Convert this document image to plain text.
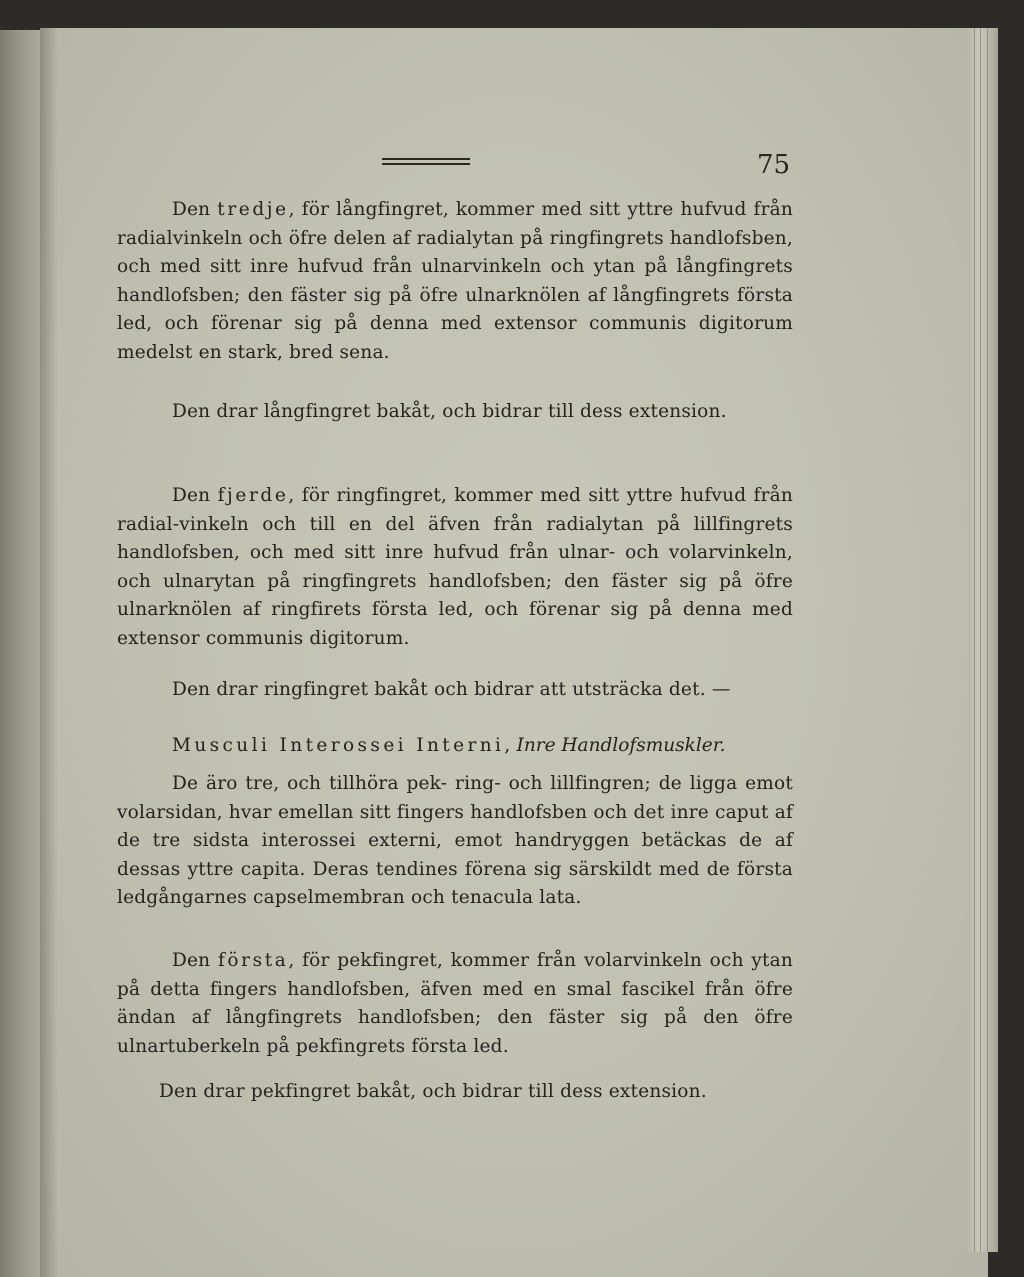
75

Den tredje, för långfingret, kommer med sitt yttre hufvud från radialvinkeln och öfre delen af radialytan på ringfingrets handlofsben, och med sitt inre hufvud från ulnarvinkeln och ytan på långfingrets handlofsben; den fäster sig på öfre ulnarknölen af långfingrets första led, och förenar sig på denna med extensor communis digitorum medelst en stark, bred sena.

Den drar långfingret bakåt, och bidrar till dess extension.

Den fjerde, för ringfingret, kommer med sitt yttre hufvud från radial-vinkeln och till en del äfven från radialytan på lillfingrets handlofsben, och med sitt inre hufvud från ulnar- och volarvinkeln, och ulnarytan på ringfingrets handlofsben; den fäster sig på öfre ulnarknölen af ringfirets första led, och förenar sig på denna med extensor communis digitorum.

Den drar ringfingret bakåt och bidrar att utsträcka det. —

Musculi Interossei Interni, Inre Handlofsmuskler.

De äro tre, och tillhöra pek- ring- och lillfingren; de ligga emot volarsidan, hvar emellan sitt fingers handlofsben och det inre caput af de tre sidsta interossei externi, emot handryggen betäckas de af dessas yttre capita. Deras tendines förena sig särskildt med de första ledgångarnes capselmembran och tenacula lata.

Den första, för pekfingret, kommer från volarvinkeln och ytan på detta fingers handlofsben, äfven med en smal fascikel från öfre ändan af långfingrets handlofsben; den fäster sig på den öfre ulnartuberkeln på pekfingrets första led.

Den drar pekfingret bakåt, och bidrar till dess extension.
